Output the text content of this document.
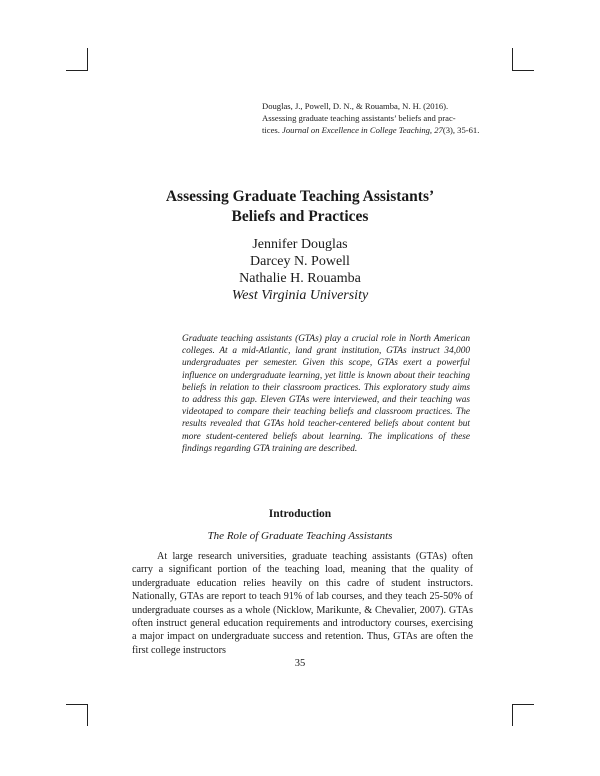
Douglas, J., Powell, D. N., & Rouamba, N. H. (2016).
Assessing graduate teaching assistants’ beliefs and prac-
tices. Journal on Excellence in College Teaching, 27(3), 35-61.
Assessing Graduate Teaching Assistants’
Beliefs and Practices
Jennifer Douglas
Darcey N. Powell
Nathalie H. Rouamba
West Virginia University
Graduate teaching assistants (GTAs) play a crucial role in North American colleges. At a mid-Atlantic, land grant institution, GTAs instruct 34,000 undergraduates per semester. Given this scope, GTAs exert a powerful influence on undergraduate learning, yet little is known about their teaching beliefs in relation to their classroom practices. This exploratory study aims to address this gap. Eleven GTAs were interviewed, and their teaching was videotaped to compare their teaching beliefs and classroom practices. The results revealed that GTAs hold teacher-centered beliefs about content but more student-centered beliefs about learning. The implications of these findings regarding GTA training are described.
Introduction
The Role of Graduate Teaching Assistants

At large research universities, graduate teaching assistants (GTAs) often carry a significant portion of the teaching load, meaning that the quality of undergraduate education relies heavily on this cadre of student instructors. Nationally, GTAs are report to teach 91% of lab courses, and they teach 25-50% of undergraduate courses as a whole (Nicklow, Marikunte, & Chevalier, 2007). GTAs often instruct general education requirements and introductory courses, exercising a major impact on undergraduate success and retention. Thus, GTAs are often the first college instructors

35
